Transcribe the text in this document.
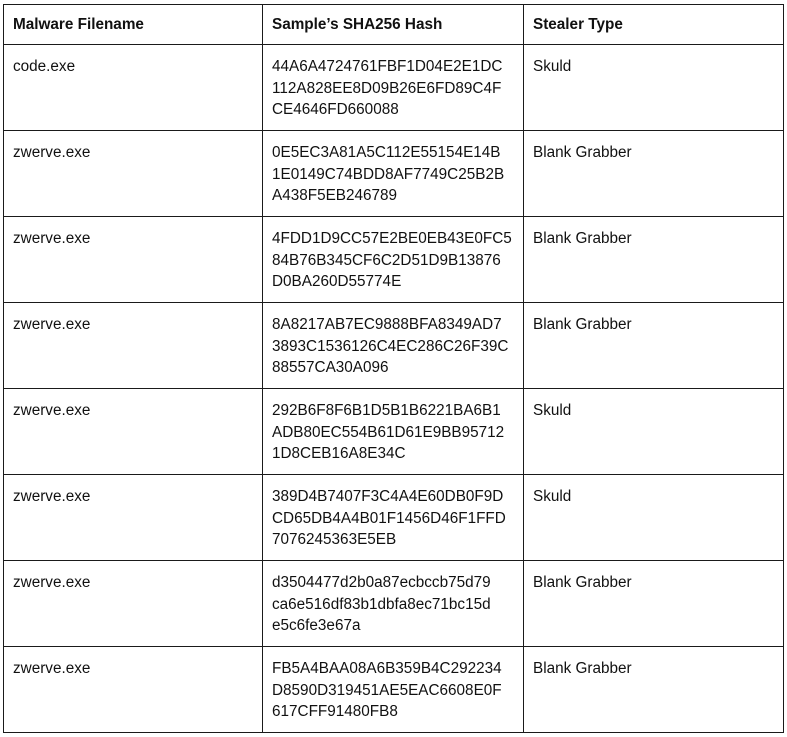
Malware Filename	Sample’s SHA256 Hash	Stealer Type
code.exe	44A6A4724761FBF1D04E2E1DC
112A828EE8D09B26E6FD89C4F
CE4646FD660088	Skuld
zwerve.exe	0E5EC3A81A5C112E55154E14B
1E0149C74BDD8AF7749C25B2B
A438F5EB246789	Blank Grabber
zwerve.exe	4FDD1D9CC57E2BE0EB43E0FC5
84B76B345CF6C2D51D9B13876
D0BA260D55774E	Blank Grabber
zwerve.exe	8A8217AB7EC9888BFA8349AD7
3893C1536126C4EC286C26F39C
88557CA30A096	Blank Grabber
zwerve.exe	292B6F8F6B1D5B1B6221BA6B1
ADB80EC554B61D61E9BB95712
1D8CEB16A8E34C	Skuld
zwerve.exe	389D4B7407F3C4A4E60DB0F9D
CD65DB4A4B01F1456D46F1FFD
7076245363E5EB	Skuld
zwerve.exe	d3504477d2b0a87ecbccb75d79
ca6e516df83b1dbfa8ec71bc15d
e5c6fe3e67a	Blank Grabber
zwerve.exe	FB5A4BAA08A6B359B4C292234
D8590D319451AE5EAC6608E0F
617CFF91480FB8	Blank Grabber
